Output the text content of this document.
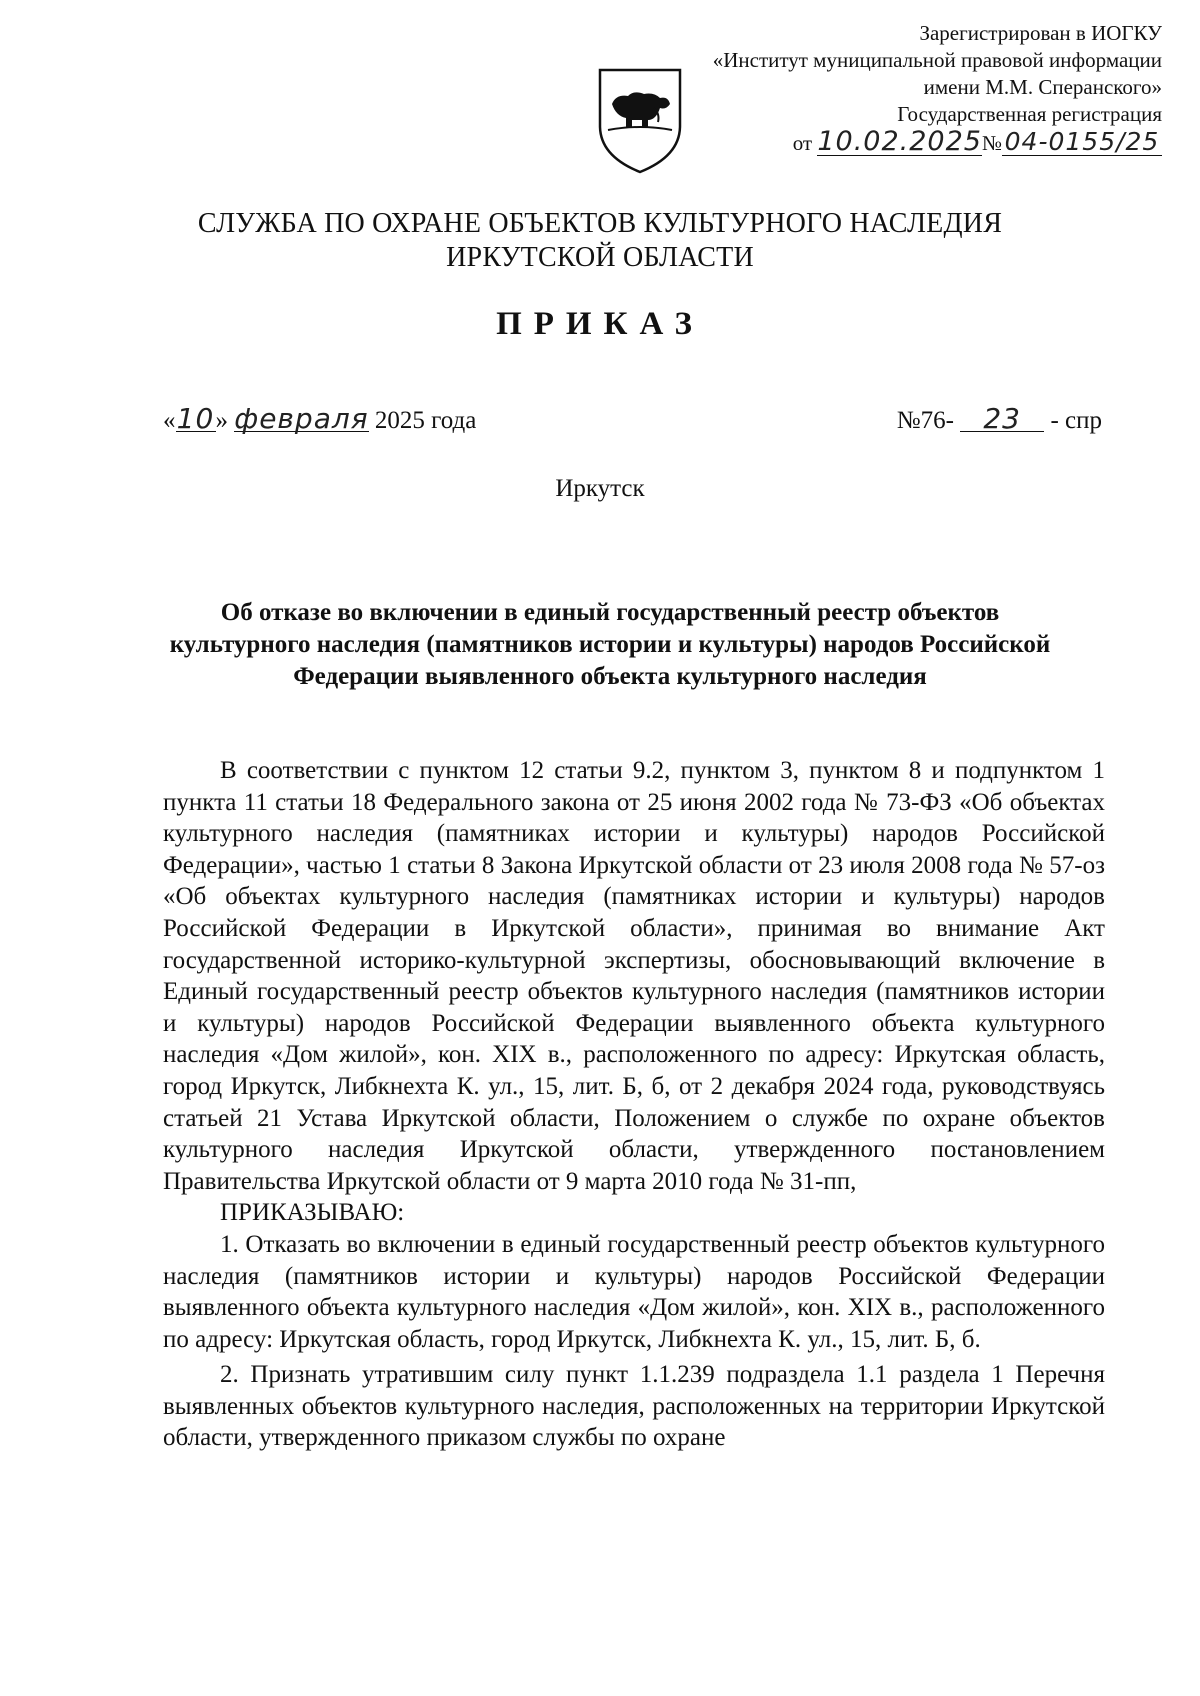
Зарегистрирован в ИОГКУ
«Институт муниципальной правовой информации
имени М.М. Сперанского»
Государственная регистрация
от 10.02.2025№ 04-0155/25
СЛУЖБА ПО ОХРАНЕ ОБЪЕКТОВ КУЛЬТУРНОГО НАСЛЕДИЯ
ИРКУТСКОЙ ОБЛАСТИ
ПРИКАЗ
«10» февраля 2025 года	№76- 23 - спр
Иркутск
Об отказе во включении в единый государственный реестр объектов культурного наследия (памятников истории и культуры) народов Российской Федерации выявленного объекта культурного наследия

В соответствии с пунктом 12 статьи 9.2, пунктом 3, пунктом 8 и подпунктом 1 пункта 11 статьи 18 Федерального закона от 25 июня 2002 года № 73-ФЗ «Об объектах культурного наследия (памятниках истории и культуры) народов Российской Федерации», частью 1 статьи 8 Закона Иркутской области от 23 июля 2008 года № 57-оз «Об объектах культурного наследия (памятниках истории и культуры) народов Российской Федерации в Иркутской области», принимая во внимание Акт государственной историко-культурной экспертизы, обосновывающий включение в Единый государственный реестр объектов культурного наследия (памятников истории и культуры) народов Российской Федерации выявленного объекта культурного наследия «Дом жилой», кон. XIX в., расположенного по адресу: Иркутская область, город Иркутск, Либкнехта К. ул., 15, лит. Б, б, от 2 декабря 2024 года, руководствуясь статьей 21 Устава Иркутской области, Положением о службе по охране объектов культурного наследия Иркутской области, утвержденного постановлением Правительства Иркутской области от 9 марта 2010 года № 31-пп,

ПРИКАЗЫВАЮ:

1. Отказать во включении в единый государственный реестр объектов культурного наследия (памятников истории и культуры) народов Российской Федерации выявленного объекта культурного наследия «Дом жилой», кон. XIX в., расположенного по адресу: Иркутская область, город Иркутск, Либкнехта К. ул., 15, лит. Б, б.

2. Признать утратившим силу пункт 1.1.239 подраздела 1.1 раздела 1 Перечня выявленных объектов культурного наследия, расположенных на территории Иркутской области, утвержденного приказом службы по охране
